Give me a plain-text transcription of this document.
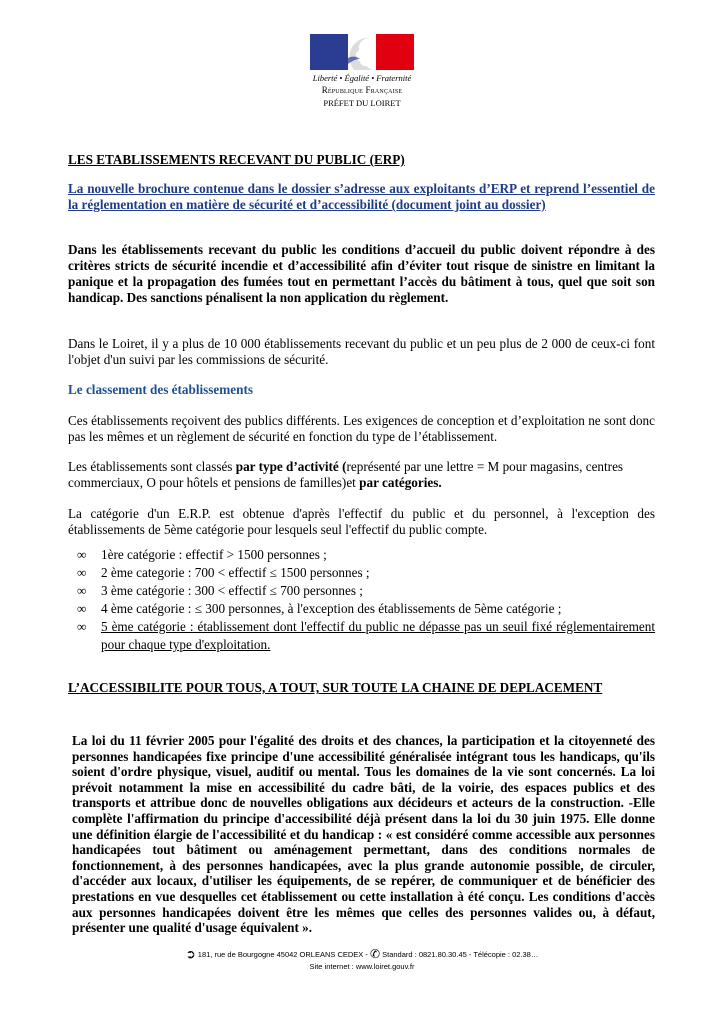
Liberté • Égalité • Fraternité
République Française
PRÉFET DU LOIRET
LES ETABLISSEMENTS RECEVANT DU PUBLIC (ERP)
La nouvelle brochure contenue dans le dossier s’adresse aux exploitants d’ERP et reprend l’essentiel de la réglementation en matière de sécurité et d’accessibilité (document joint au dossier)
Dans les établissements recevant du public les conditions d’accueil du public doivent répondre à des critères stricts de sécurité incendie et d’accessibilité afin d’éviter tout risque de sinistre en limitant la panique et la propagation des fumées tout en permettant l’accès du bâtiment à tous, quel que soit son handicap. Des sanctions pénalisent la non application du règlement.
Dans le Loiret, il y a plus de 10 000 établissements recevant du public et un peu plus de 2 000 de ceux-ci font l'objet d'un suivi par les commissions de sécurité.
Le classement des établissements
Ces établissements reçoivent des publics différents. Les exigences de conception et d’exploitation ne sont donc pas les mêmes et un règlement de sécurité en fonction du type de l’établissement.
Les établissements sont classés par type d’activité (représenté par une lettre = M pour magasins, centres commerciaux, O pour hôtels et pensions de familles)et par catégories.
La catégorie d'un E.R.P. est obtenue d'après l'effectif du public et du personnel, à l'exception des établissements de 5ème catégorie pour lesquels seul l'effectif du public compte.
∞ 1ère catégorie : effectif > 1500 personnes ;
∞ 2 ème categorie : 700 < effectif ≤ 1500 personnes ;
∞ 3 ème catégorie : 300 < effectif ≤ 700 personnes ;
∞ 4 ème catégorie : ≤ 300 personnes, à l'exception des établissements de 5ème catégorie ;
∞ 5 ème catégorie : établissement dont l'effectif du public ne dépasse pas un seuil fixé réglementairement pour chaque type d'exploitation.
L’ACCESSIBILITE POUR TOUS, A TOUT, SUR TOUTE LA CHAINE DE DEPLACEMENT
La loi du 11 février 2005 pour l'égalité des droits et des chances, la participation et la citoyenneté des personnes handicapées fixe principe d'une accessibilité généralisée intégrant tous les handicaps, qu'ils soient d'ordre physique, visuel, auditif ou mental. Tous les domaines de la vie sont concernés. La loi prévoit notamment la mise en accessibilité du cadre bâti, de la voirie, des espaces publics et des transports et attribue donc de nouvelles obligations aux décideurs et acteurs de la construction. -Elle complète l'affirmation du principe d'accessibilité déjà présent dans la loi du 30 juin 1975. Elle donne une définition élargie de l'accessibilité et du handicap : « est considéré comme accessible aux personnes handicapées tout bâtiment ou aménagement permettant, dans des conditions normales de fonctionnement, à des personnes handicapées, avec la plus grande autonomie possible, de circuler, d'accéder aux locaux, d'utiliser les équipements, de se repérer, de communiquer et de bénéficier des prestations en vue desquelles cet établissement ou cette installation à été conçu. Les conditions d'accès aux personnes handicapées doivent être les mêmes que celles des personnes valides ou, à défaut, présenter une qualité d'usage équivalent ».
➲ 181, rue de Bourgogne 45042 ORLEANS CEDEX - ✆ Standard : 0821.80.30.45 - Télécopie : 02.38…
Site internet : www.loiret.gouv.fr
